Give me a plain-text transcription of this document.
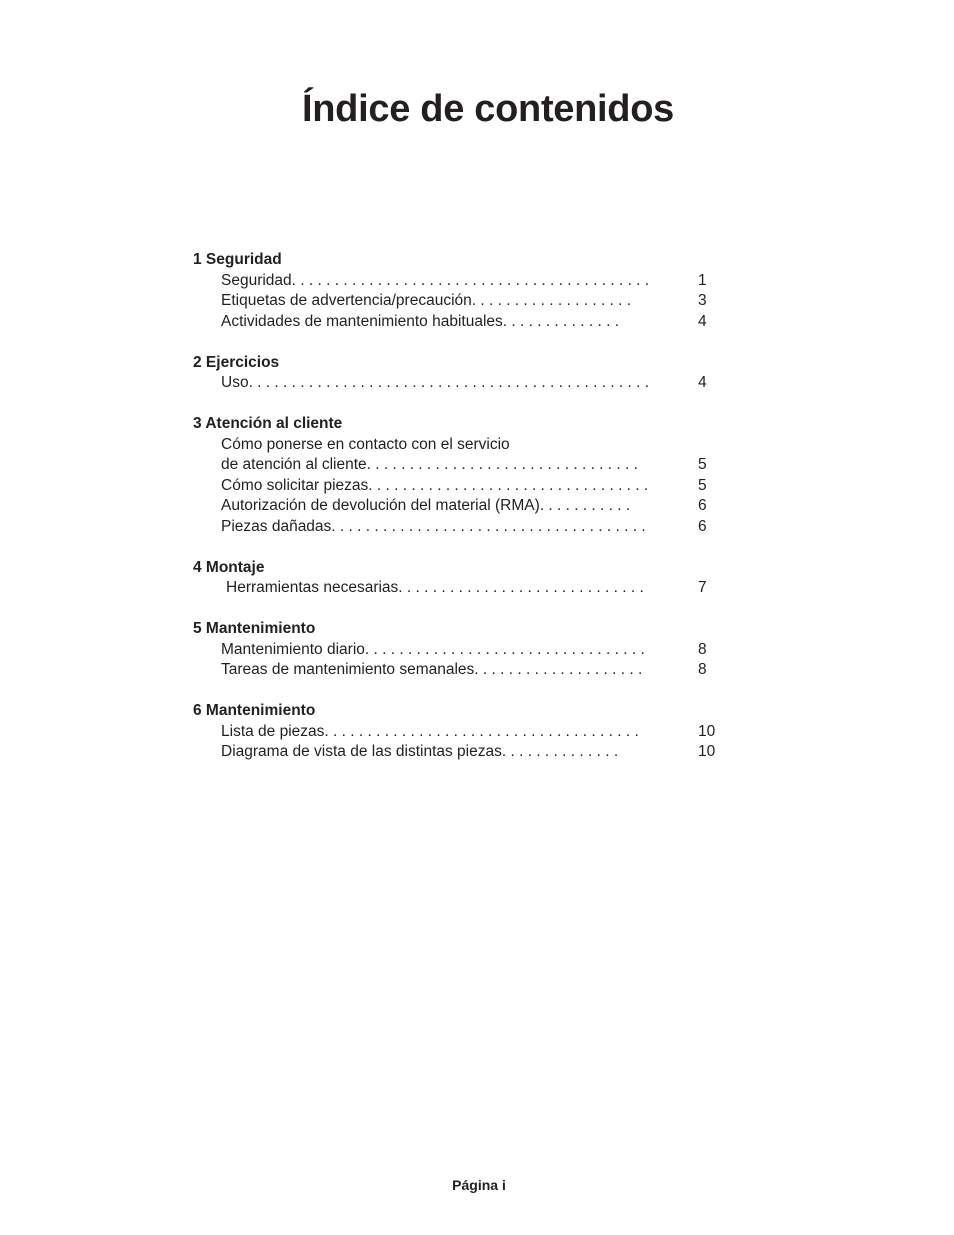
Índice de contenidos
1 Seguridad
Seguridad. . . . . . . . . . . . . . . . . . . . . . . . . . . . . . . . . . . . . . . . . .	1
Etiquetas de advertencia/precaución. . . . . . . . . . . . . . . . . . .	3
Actividades de mantenimiento habituales. . . . . . . . . . . . . .	4
2 Ejercicios
Uso. . . . . . . . . . . . . . . . . . . . . . . . . . . . . . . . . . . . . . . . . . . . . . .	4
3 Atención al cliente
Cómo ponerse en contacto con el servicio
de atención al cliente. . . . . . . . . . . . . . . . . . . . . . . . . . . . . . . .	5
Cómo solicitar piezas. . . . . . . . . . . . . . . . . . . . . . . . . . . . . . . . .	5
Autorización de devolución del material (RMA). . . . . . . . . . .	6
Piezas dañadas. . . . . . . . . . . . . . . . . . . . . . . . . . . . . . . . . . . . .	6
4 Montaje
Herramientas necesarias. . . . . . . . . . . . . . . . . . . . . . . . . . . . .	7
5 Mantenimiento
Mantenimiento diario. . . . . . . . . . . . . . . . . . . . . . . . . . . . . . . . .	8
Tareas de mantenimiento semanales. . . . . . . . . . . . . . . . . . . .	8
6 Mantenimiento
Lista de piezas. . . . . . . . . . . . . . . . . . . . . . . . . . . . . . . . . . . . .	10
Diagrama de vista de las distintas piezas. . . . . . . . . . . . . .	10
Página i
